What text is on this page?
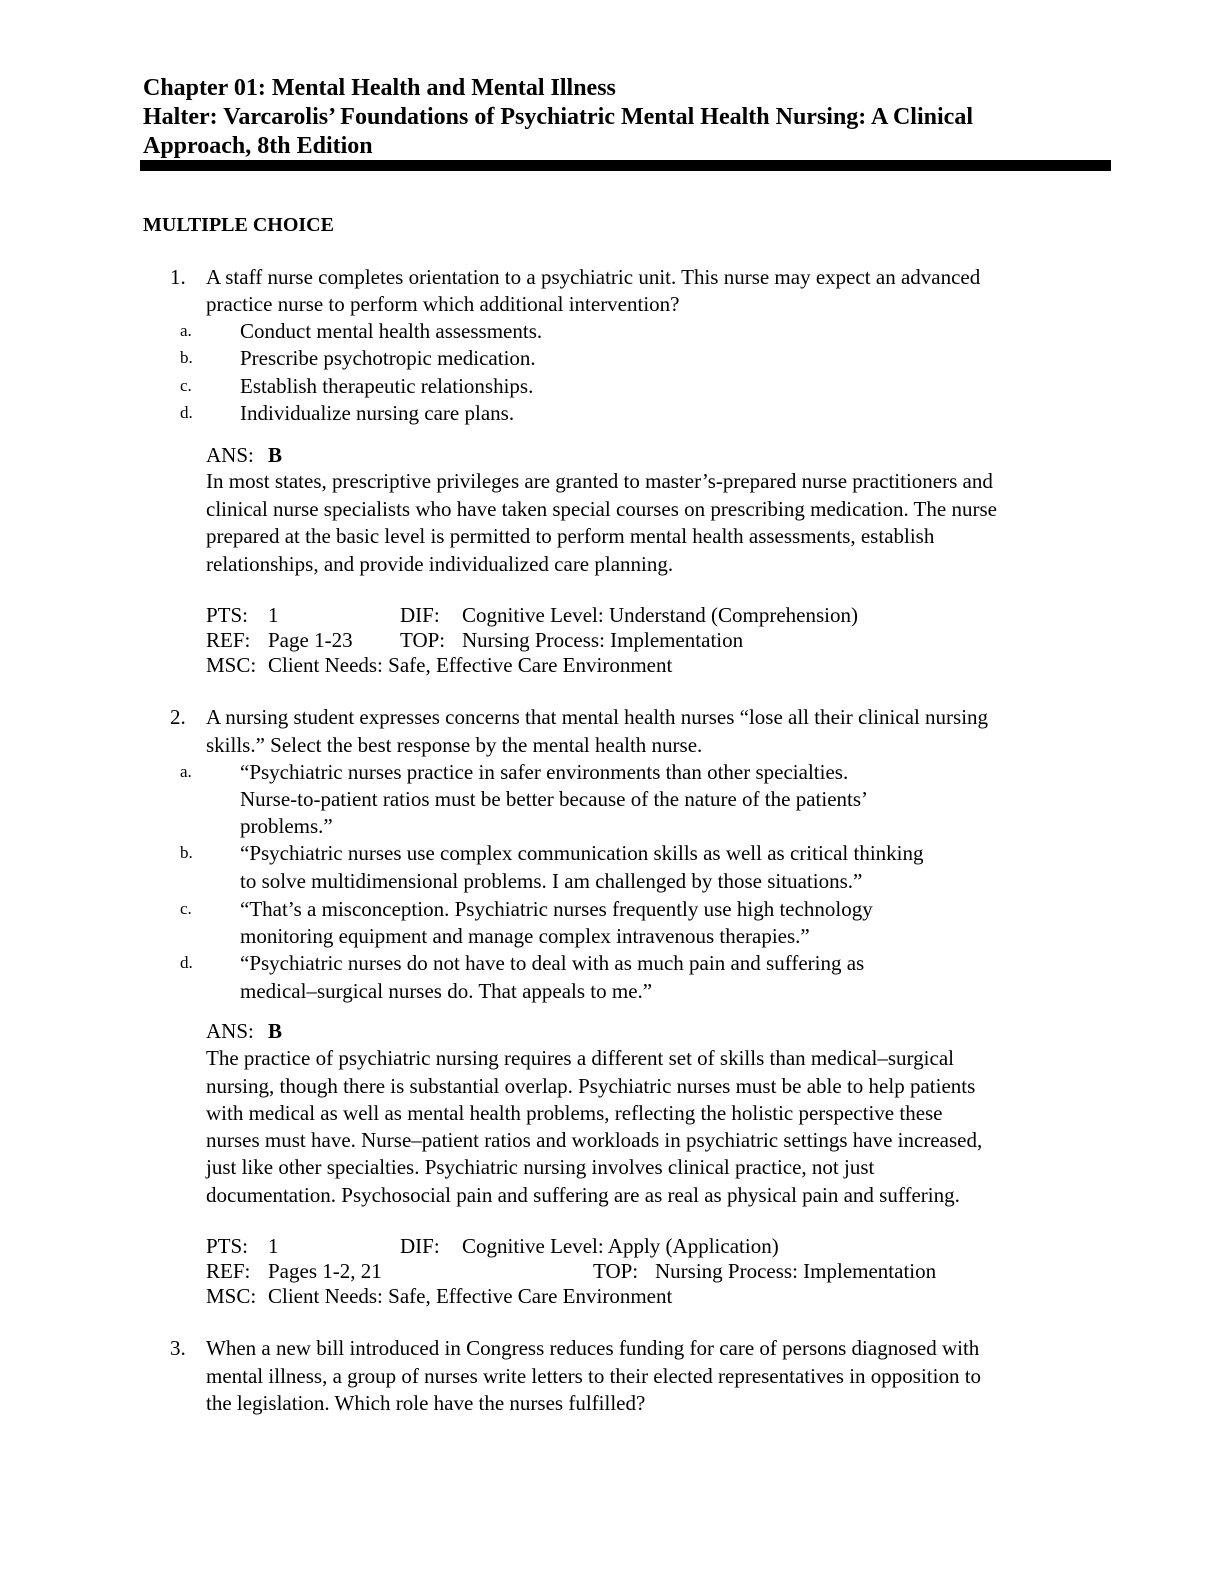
Chapter 01: Mental Health and Mental Illness
Halter: Varcarolis’ Foundations of Psychiatric Mental Health Nursing: A Clinical
Approach, 8th Edition
MULTIPLE CHOICE
1. A staff nurse completes orientation to a psychiatric unit. This nurse may expect an advanced
practice nurse to perform which additional intervention?
a. Conduct mental health assessments.
b. Prescribe psychotropic medication.
c. Establish therapeutic relationships.
d. Individualize nursing care plans.
ANS: B
In most states, prescriptive privileges are granted to master’s-prepared nurse practitioners and
clinical nurse specialists who have taken special courses on prescribing medication. The nurse
prepared at the basic level is permitted to perform mental health assessments, establish
relationships, and provide individualized care planning.
PTS: 1	DIF: Cognitive Level: Understand (Comprehension)
REF: Page 1-23 TOP: Nursing Process: Implementation
MSC: Client Needs: Safe, Effective Care Environment
2. A nursing student expresses concerns that mental health nurses “lose all their clinical nursing
skills.” Select the best response by the mental health nurse.
a. “Psychiatric nurses practice in safer environments than other specialties.
Nurse-to-patient ratios must be better because of the nature of the patients’
problems.”
b. “Psychiatric nurses use complex communication skills as well as critical thinking
to solve multidimensional problems. I am challenged by those situations.”
c. “That’s a misconception. Psychiatric nurses frequently use high technology
monitoring equipment and manage complex intravenous therapies.”
d. “Psychiatric nurses do not have to deal with as much pain and suffering as
medical–surgical nurses do. That appeals to me.”
ANS: B
The practice of psychiatric nursing requires a different set of skills than medical–surgical
nursing, though there is substantial overlap. Psychiatric nurses must be able to help patients
with medical as well as mental health problems, reflecting the holistic perspective these
nurses must have. Nurse–patient ratios and workloads in psychiatric settings have increased,
just like other specialties. Psychiatric nursing involves clinical practice, not just
documentation. Psychosocial pain and suffering are as real as physical pain and suffering.
PTS: 1	DIF: Cognitive Level: Apply (Application)
REF: Pages 1-2, 21	TOP: Nursing Process: Implementation
MSC: Client Needs: Safe, Effective Care Environment
3. When a new bill introduced in Congress reduces funding for care of persons diagnosed with
mental illness, a group of nurses write letters to their elected representatives in opposition to
the legislation. Which role have the nurses fulfilled?
